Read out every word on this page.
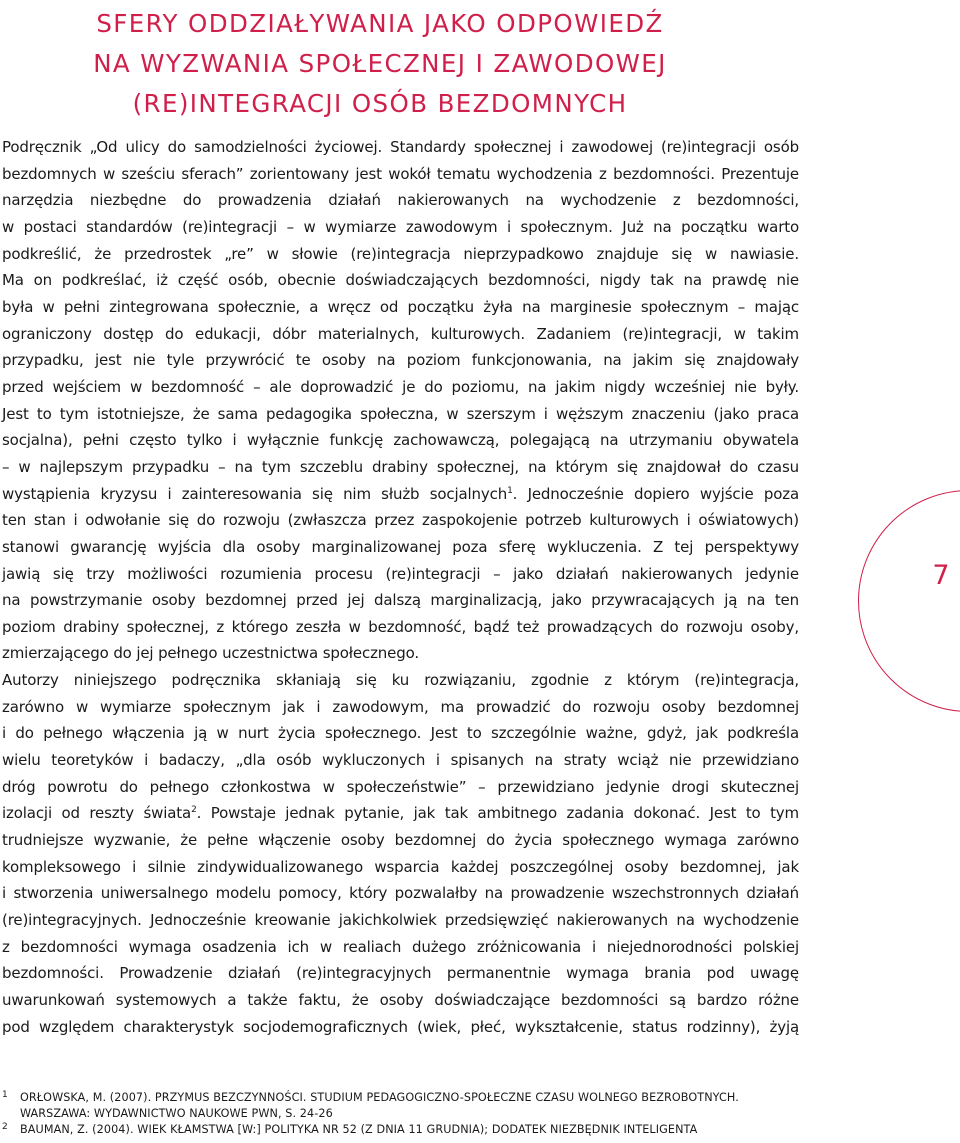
SFERY ODDZIAŁYWANIA JAKO ODPOWIEDŹ
NA WYZWANIA SPOŁECZNEJ I ZAWODOWEJ
(RE)INTEGRACJI OSÓB BEZDOMNYCH

Podręcznik „Od ulicy do samodzielności życiowej. Standardy społecznej i zawodowej (re)integracji osób

bezdomnych w sześciu sferach” zorientowany jest wokół tematu wychodzenia z bezdomności. Prezentuje

narzędzia niezbędne do prowadzenia działań nakierowanych na wychodzenie z bezdomności,

w postaci standardów (re)integracji – w wymiarze zawodowym i społecznym. Już na początku warto

podkreślić, że przedrostek „re” w słowie (re)integracja nieprzypadkowo znajduje się w nawiasie.

Ma on podkreślać, iż część osób, obecnie doświadczających bezdomności, nigdy tak na prawdę nie

była w pełni zintegrowana społecznie, a wręcz od początku żyła na marginesie społecznym – mając

ograniczony dostęp do edukacji, dóbr materialnych, kulturowych. Zadaniem (re)integracji, w takim

przypadku, jest nie tyle przywrócić te osoby na poziom funkcjonowania, na jakim się znajdowały

przed wejściem w bezdomność – ale doprowadzić je do poziomu, na jakim nigdy wcześniej nie były.

Jest to tym istotniejsze, że sama pedagogika społeczna, w szerszym i węższym znaczeniu (jako praca

socjalna), pełni często tylko i wyłącznie funkcję zachowawczą, polegającą na utrzymaniu obywatela

– w najlepszym przypadku – na tym szczeblu drabiny społecznej, na którym się znajdował do czasu

wystąpienia kryzysu i zainteresowania się nim służb socjalnych$^1$. Jednocześnie dopiero wyjście poza

ten stan i odwołanie się do rozwoju (zwłaszcza przez zaspokojenie potrzeb kulturowych i oświatowych)

stanowi gwarancję wyjścia dla osoby marginalizowanej poza sferę wykluczenia. Z tej perspektywy

jawią się trzy możliwości rozumienia procesu (re)integracji – jako działań nakierowanych jedynie

na powstrzymanie osoby bezdomnej przed jej dalszą marginalizacją, jako przywracających ją na ten

poziom drabiny społecznej, z którego zeszła w bezdomność, bądź też prowadzących do rozwoju osoby,

zmierzającego do jej pełnego uczestnictwa społecznego.

Autorzy niniejszego podręcznika skłaniają się ku rozwiązaniu, zgodnie z którym (re)integracja,

zarówno w wymiarze społecznym jak i zawodowym, ma prowadzić do rozwoju osoby bezdomnej

i do pełnego włączenia ją w nurt życia społecznego. Jest to szczególnie ważne, gdyż, jak podkreśla

wielu teoretyków i badaczy, „dla osób wykluczonych i spisanych na straty wciąż nie przewidziano

dróg powrotu do pełnego członkostwa w społeczeństwie” – przewidziano jedynie drogi skutecznej

izolacji od reszty świata$^2$. Powstaje jednak pytanie, jak tak ambitnego zadania dokonać. Jest to tym

trudniejsze wyzwanie, że pełne włączenie osoby bezdomnej do życia społecznego wymaga zarówno

kompleksowego i silnie zindywidualizowanego wsparcia każdej poszczególnej osoby bezdomnej, jak

i stworzenia uniwersalnego modelu pomocy, który pozwalałby na prowadzenie wszechstronnych działań

(re)integracyjnych. Jednocześnie kreowanie jakichkolwiek przedsięwzięć nakierowanych na wychodzenie

z bezdomności wymaga osadzenia ich w realiach dużego zróżnicowania i niejednorodności polskiej

bezdomności. Prowadzenie działań (re)integracyjnych permanentnie wymaga brania pod uwagę

uwarunkowań systemowych a także faktu, że osoby doświadczające bezdomności są bardzo różne

pod względem charakterystyk socjodemograficznych (wiek, płeć, wykształcenie, status rodzinny), żyją

7
1 ORŁOWSKA, M. (2007). PRZYMUS BEZCZYNNOŚCI. STUDIUM PEDAGOGICZNO-SPOŁECZNE CZASU WOLNEGO BEZROBOTNYCH.
WARSZAWA: WYDAWNICTWO NAUKOWE PWN, S. 24-26
2 BAUMAN, Z. (2004). WIEK KŁAMSTWA [W:] POLITYKA NR 52 (Z DNIA 11 GRUDNIA); DODATEK NIEZBĘDNIK INTELIGENTA
